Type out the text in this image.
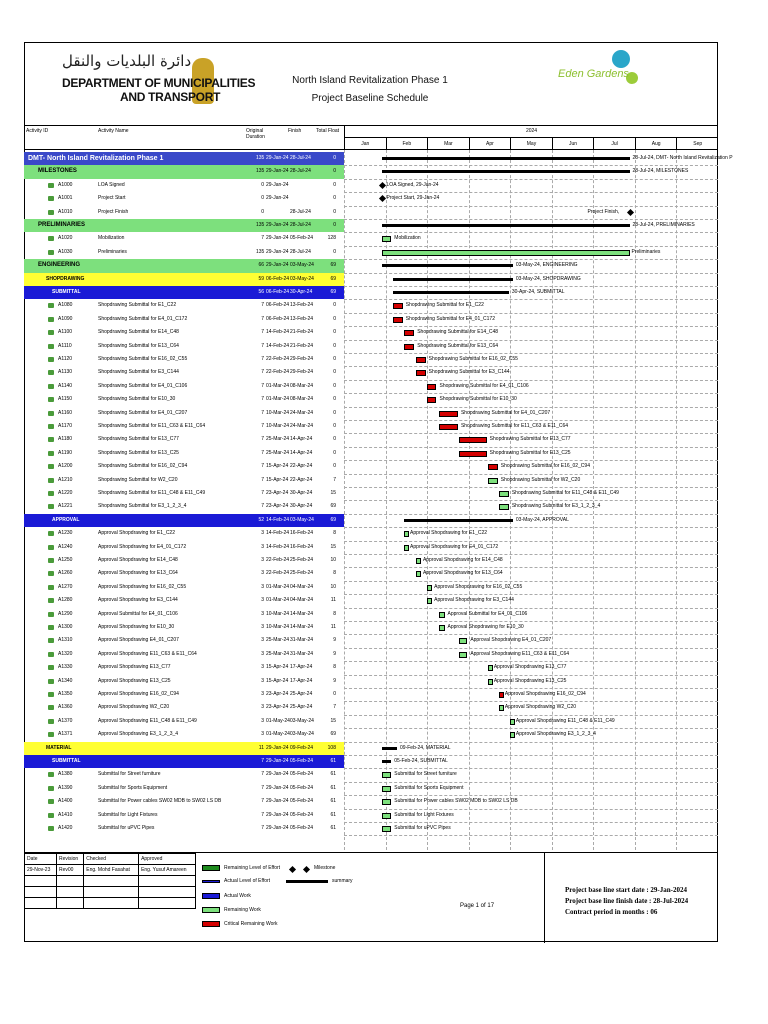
دائرة البلديات والنقل
DEPARTMENT OF MUNICIPALITIES
AND TRANSPORT
North Island Revitalization Phase 1
Project Baseline Schedule
Eden Gardens
Activity ID	Activity Name	Original Duration
Finish	Total Float	2024
Jan	Feb	Mar	Apr	May	Jun	Jul	Aug	Sep
DMT- North Island Revitalization Phase 1	135 29-Jan-24 28-Jul-24	0	28-Jul-24, DMT- North Island Revitalization P
MILESTONES	135 29-Jan-24 28-Jul-24	0	28-Jul-24, MILESTONES
A1000	LOA Signed	0 29-Jan-24	0	LOA Signed, 29-Jan-24
A1001	Project Start	0 29-Jan-24	0	Project Start, 29-Jan-24
A1010	Project Finish	0	28-Jul-24	0	Project Finish,
PRELIMINARIES	135 29-Jan-24 28-Jul-24	0	28-Jul-24, PRELIMINARIES
A1020	Mobilization	7 29-Jan-24 05-Feb-24	128	Mobilization
A1030	Preliminaries	135 29-Jan-24 28-Jul-24	0	Preliminaries
ENGINEERING	66 29-Jan-24 03-May-24	69	03-May-24, ENGINEERING
SHOPDRAWING	59 06-Feb-24 03-May-24	69	03-May-24, SHOPDRAWING
SUBMITTAL	56 06-Feb-24 30-Apr-24	69	30-Apr-24, SUBMITTAL
A1080	Shopdrawing Submittal for E1_C22	7 06-Feb-24 13-Feb-24	0	Shopdrawing Submittal for E1_C22
A1090	Shopdrawing Submittal for E4_01_C172	7 06-Feb-24 13-Feb-24	0	Shopdrawing Submittal for E4_01_C172
A1100	Shopdrawing Submittal for E14_C48	7 14-Feb-24 21-Feb-24	0	Shopdrawing Submittal for E14_C48
A1110	Shopdrawing Submittal for E13_C64	7 14-Feb-24 21-Feb-24	0	Shopdrawing Submittal for E13_C64
A1120	Shopdrawing Submittal for E16_02_C55	7 22-Feb-24 29-Feb-24	0	Shopdrawing Submittal for E16_02_C55
A1130	Shopdrawing Submittal for E3_C144	7 22-Feb-24 29-Feb-24	0	Shopdrawing Submittal for E3_C144
A1140	Shopdrawing Submittal for E4_01_C106	7 01-Mar-24 08-Mar-24	0	Shopdrawing Submittal for E4_01_C106
A1150	Shopdrawing Submittal for E10_30	7 01-Mar-24 08-Mar-24	0	Shopdrawing Submittal for E10_30
A1160	Shopdrawing Submittal for E4_01_C207	7 10-Mar-24 24-Mar-24	0	Shopdrawing Submittal for E4_01_C207
A1170	Shopdrawing Submittal for E11_C63 & E11_C64	7 10-Mar-24 24-Mar-24	0	Shopdrawing Submittal for E11_C63 & E11_C64
A1180	Shopdrawing Submittal for E13_C77	7 25-Mar-24 14-Apr-24	0	Shopdrawing Submittal for E13_C77
A1190	Shopdrawing Submittal for E13_C25	7 25-Mar-24 14-Apr-24	0	Shopdrawing Submittal for E13_C25
A1200	Shopdrawing Submittal for E16_02_C94	7 15-Apr-24 22-Apr-24	0	Shopdrawing Submittal for E16_02_C94
A1210	Shopdrawing Submittal for W2_C20	7 15-Apr-24 22-Apr-24	7	Shopdrawing Submittal for W2_C20
A1220	Shopdrawing Submittal for E11_C48 & E11_C49	7 23-Apr-24 30-Apr-24	15	Shopdrawing Submittal for E11_C48 & E11_C49
A1221	Shopdrawing Submittal for E3_1_2_3_4	7 23-Apr-24 30-Apr-24	69	Shopdrawing Submittal for E3_1_2_3_4
APPROVAL	52 14-Feb-24 03-May-24	69	03-May-24, APPROVAL
A1230	Approval Shopdrawing for E1_C22	3 14-Feb-24 16-Feb-24	8	Approval Shopdrawing for E1_C22
A1240	Approval Shopdrawing for E4_01_C172	3 14-Feb-24 16-Feb-24	15	Approval Shopdrawing for E4_01_C172
A1250	Approval Shopdrawing for E14_C48	3 22-Feb-24 25-Feb-24	10	Approval Shopdrawing for E14_C48
A1260	Approval Shopdrawing for E13_C64	3 22-Feb-24 25-Feb-24	8	Approval Shopdrawing for E13_C64
A1270	Approval Shopdrawing for E16_02_C55	3 01-Mar-24 04-Mar-24	10	Approval Shopdrawing for E16_02_C55
A1280	Approval Shopdrawing for E3_C144	3 01-Mar-24 04-Mar-24	11	Approval Shopdrawing for E3_C144
A1290	Approval Submittal for E4_01_C106	3 10-Mar-24 14-Mar-24	8	Approval Submittal for E4_01_C106
A1300	Approval Shopdrawing for E10_30	3 10-Mar-24 14-Mar-24	11	Approval Shopdrawing for E10_30
A1310	Approval Shopdrawing E4_01_C207	3 25-Mar-24 31-Mar-24	9	Approval Shopdrawing E4_01_C207
A1320	Approval Shopdrawing E11_C63 & E11_C64	3 25-Mar-24 31-Mar-24	9	Approval Shopdrawing E11_C63 & E11_C64
A1330	Approval Shopdrawing E13_C77	3 15-Apr-24 17-Apr-24	8	Approval Shopdrawing E13_C77
A1340	Approval Shopdrawing E13_C25	3 15-Apr-24 17-Apr-24	9	Approval Shopdrawing E13_C25
A1350	Approval Shopdrawing E16_02_C94	3 23-Apr-24 25-Apr-24	0	Approval Shopdrawing E16_02_C94
A1360	Approval Shopdrawing W2_C20	3 23-Apr-24 25-Apr-24	7	Approval Shopdrawing W2_C20
A1370	Approval Shopdrawing E11_C48 & E11_C49	3 01-May-24 03-May-24	15	Approval Shopdrawing E11_C48 & E11_C49
A1371	Approval Shopdrawing E3_1_2_3_4	3 01-May-24 03-May-24	69	Approval Shopdrawing E3_1_2_3_4
MATERIAL	11 29-Jan-24 09-Feb-24	108	09-Feb-24, MATERIAL
SUBMITTAL	7 29-Jan-24 05-Feb-24	61	05-Feb-24, SUBMITTAL
A1380	Submittal for Street furniture	7 29-Jan-24 05-Feb-24	61	Submittal for Street furniture
A1390	Submittal for Sports Equipment	7 29-Jan-24 05-Feb-24	61	Submittal for Sports Equipment
A1400	Submittal for Power cables SW02 MDB to SW02 LS DB	7 29-Jan-24 05-Feb-24	61	Submittal for Power cables SW02 MDB to SW02 LS DB
A1410	Submittal for Light Fixtures	7 29-Jan-24 05-Feb-24	61	Submittal for Light Fixtures
A1420	Submittal for uPVC Pipes	7 29-Jan-24 05-Feb-24	61	Submittal for uPVC Pipes
Date	Revision	Checked	Approved
29-Nov-23	Rev00	Eng. Mohd Fasahat	Eng. Yusuf Amareen

				Remaining Level of Effort
Actual Level of Effort
Actual Work
Remaining Work
Critical Remaining Work
Milestone
summary
Page 1 of 17
Project base line start date : 29-Jan-2024
Project base line finish date : 28-Jul-2024
Contract period in months : 06
